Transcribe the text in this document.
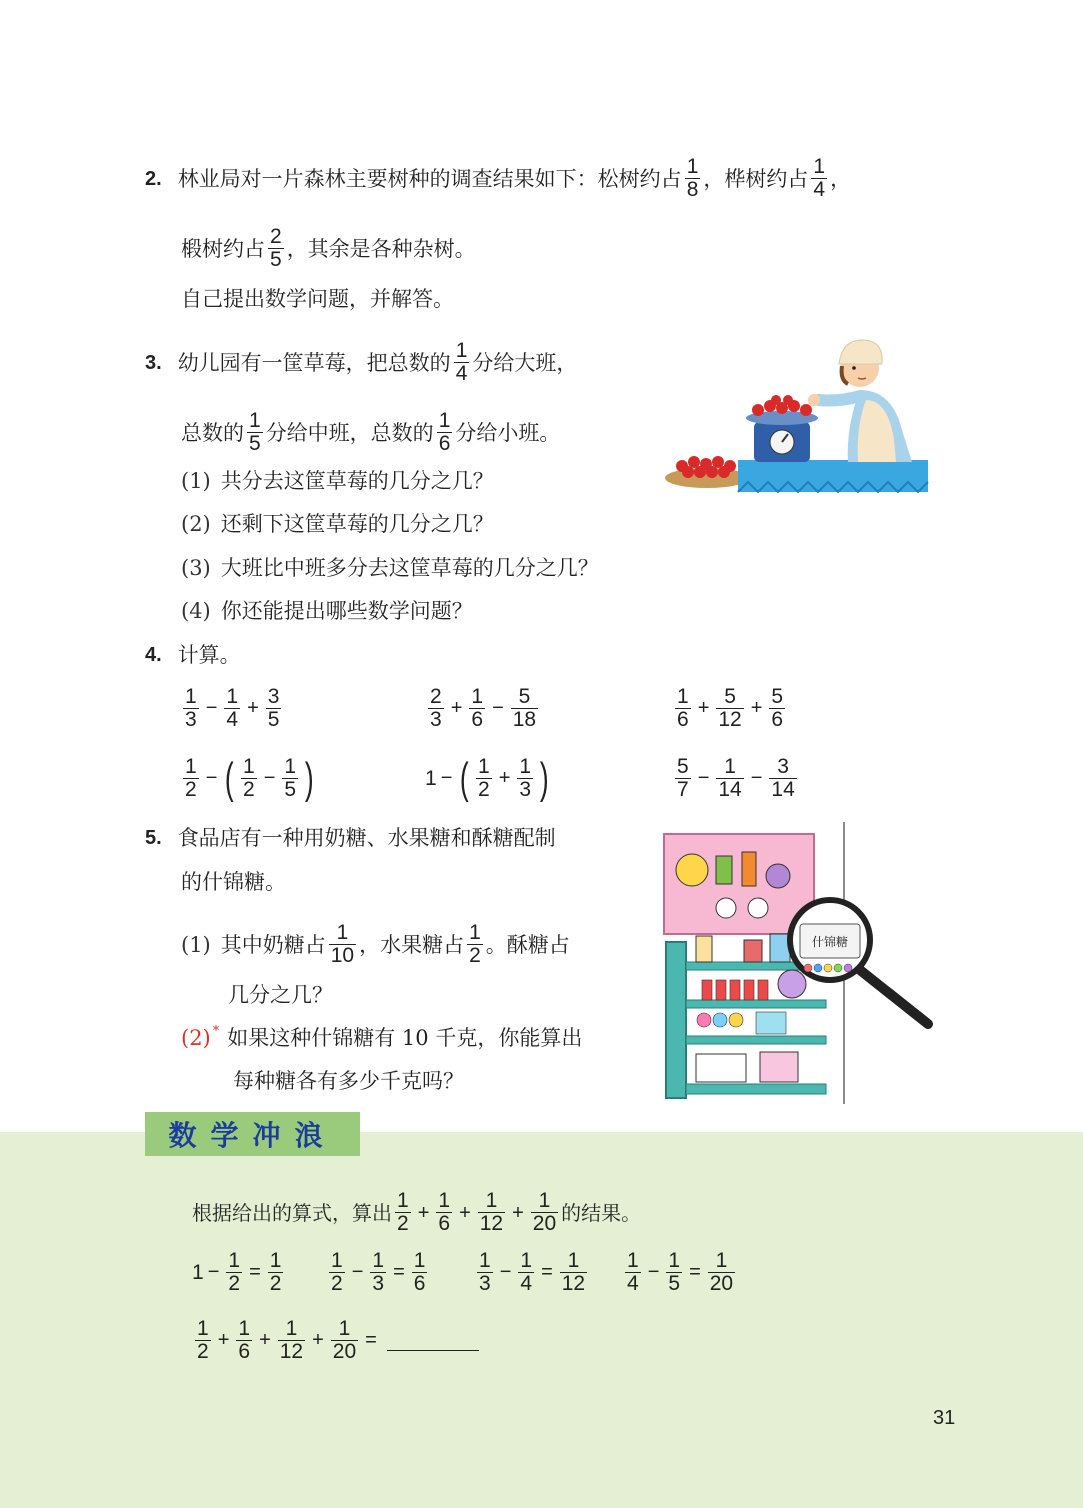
2. 林业局对一片森林主要树种的调查结果如下：松树约占 $\frac{1}{8}$ ，桦树约占 $\frac{1}{4}$ ，
椴树约占 $\frac{2}{5}$ ，其余是各种杂树。
自己提出数学问题，并解答。
3. 幼儿园有一筐草莓，把总数的 $\frac{1}{4}$ 分给大班，
总数的 $\frac{1}{5}$ 分给中班，总数的 $\frac{1}{6}$ 分给小班。
(1) 共分去这筐草莓的几分之几？
(2) 还剩下这筐草莓的几分之几？
(3) 大班比中班多分去这筐草莓的几分之几？
(4) 你还能提出哪些数学问题？
4. 计算。
$\frac{1}{3} - \frac{1}{4} + \frac{3}{5}$	$\frac{2}{3} + \frac{1}{6} - \frac{5}{18}$	$\frac{1}{6} + \frac{5}{12} + \frac{5}{6}$
$\frac{1}{2}$ − ( $\frac{1}{2} - \frac{1}{5}$ )	1 − ( $\frac{1}{2} + \frac{1}{3}$ )	$\frac{5}{7} - \frac{1}{14} - \frac{3}{14}$
5. 食品店有一种用奶糖、水果糖和酥糖配制
的什锦糖。
(1) 其中奶糖占 $\frac{1}{10}$ ，水果糖占 $\frac{1}{2}$ 。酥糖占
几分之几？
(2) * 如果这种什锦糖有 10 千克，你能算出
每种糖各有多少千克吗？
什锦糖
数学冲浪
根据给出的算式，算出 $\frac{1}{2} + \frac{1}{6} + \frac{1}{12} + \frac{1}{20}$ 的结果。
$1 - \frac{1}{2} = \frac{1}{2} \frac{1}{2} - \frac{1}{3} = \frac{1}{6} \frac{1}{3} - \frac{1}{4} = \frac{1}{12} \frac{1}{4} - \frac{1}{5} = \frac{1}{20}$
$\frac{1}{2} + \frac{1}{6} + \frac{1}{12} + \frac{1}{20}$ =
31
